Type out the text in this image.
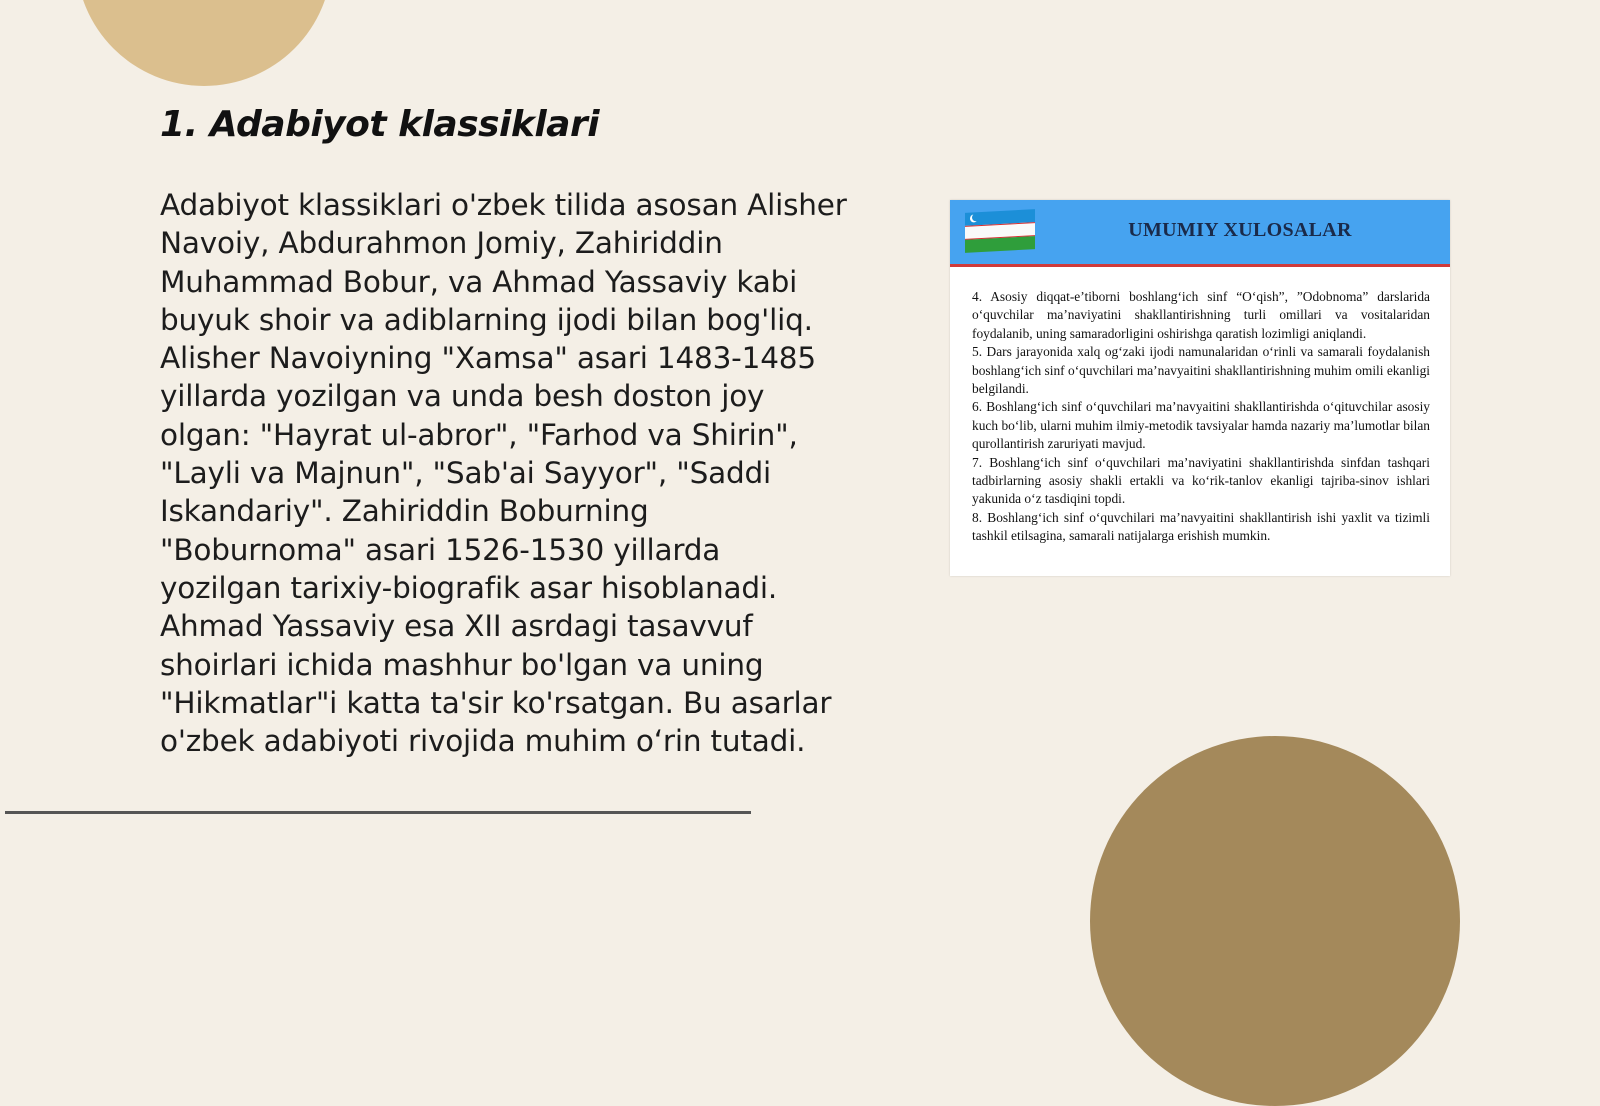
1. Adabiyot klassiklari

Adabiyot klassiklari o'zbek tilida asosan Alisher Navoiy, Abdurahmon Jomiy, Zahiriddin Muhammad Bobur, va Ahmad Yassaviy kabi buyuk shoir va adiblarning ijodi bilan bog'liq. Alisher Navoiyning "Xamsa" asari 1483-1485 yillarda yozilgan va unda besh doston joy olgan: "Hayrat ul-abror", "Farhod va Shirin", "Layli va Majnun", "Sab'ai Sayyor", "Saddi Iskandariy". Zahiriddin Boburning "Boburnoma" asari 1526-1530 yillarda yozilgan tarixiy-biografik asar hisoblanadi. Ahmad Yassaviy esa XII asrdagi tasavvuf shoirlari ichida mashhur bo'lgan va uning "Hikmatlar"i katta ta'sir ko'rsatgan. Bu asarlar o'zbek adabiyoti rivojida muhim o‘rin tutadi.

UMUMIY XULOSALAR

4. Asosiy diqqat-e’tiborni boshlang‘ich sinf “O‘qish”, ”Odobnoma” darslarida o‘quvchilar ma’naviyatini shakllantirishning turli omillari va vositalaridan foydalanib, uning samaradorligini oshirishga qaratish lozimligi aniqlandi.

5. Dars jarayonida xalq og‘zaki ijodi namunalaridan o‘rinli va samarali foydalanish boshlang‘ich sinf o‘quvchilari ma’navyaitini shakllantirishning muhim omili ekanligi belgilandi.

6. Boshlang‘ich sinf o‘quvchilari ma’navyaitini shakllantirishda o‘qituvchilar asosiy kuch bo‘lib, ularni muhim ilmiy-metodik tavsiyalar hamda nazariy ma’lumotlar bilan qurollantirish zaruriyati mavjud.

7. Boshlang‘ich sinf o‘quvchilari ma’naviyatini shakllantirishda sinfdan tashqari tadbirlarning asosiy shakli ertakli va ko‘rik-tanlov ekanligi tajriba-sinov ishlari yakunida o‘z tasdiqini topdi.

8. Boshlang‘ich sinf o‘quvchilari ma’navyaitini shakllantirish ishi yaxlit va tizimli tashkil etilsagina, samarali natijalarga erishish mumkin.
